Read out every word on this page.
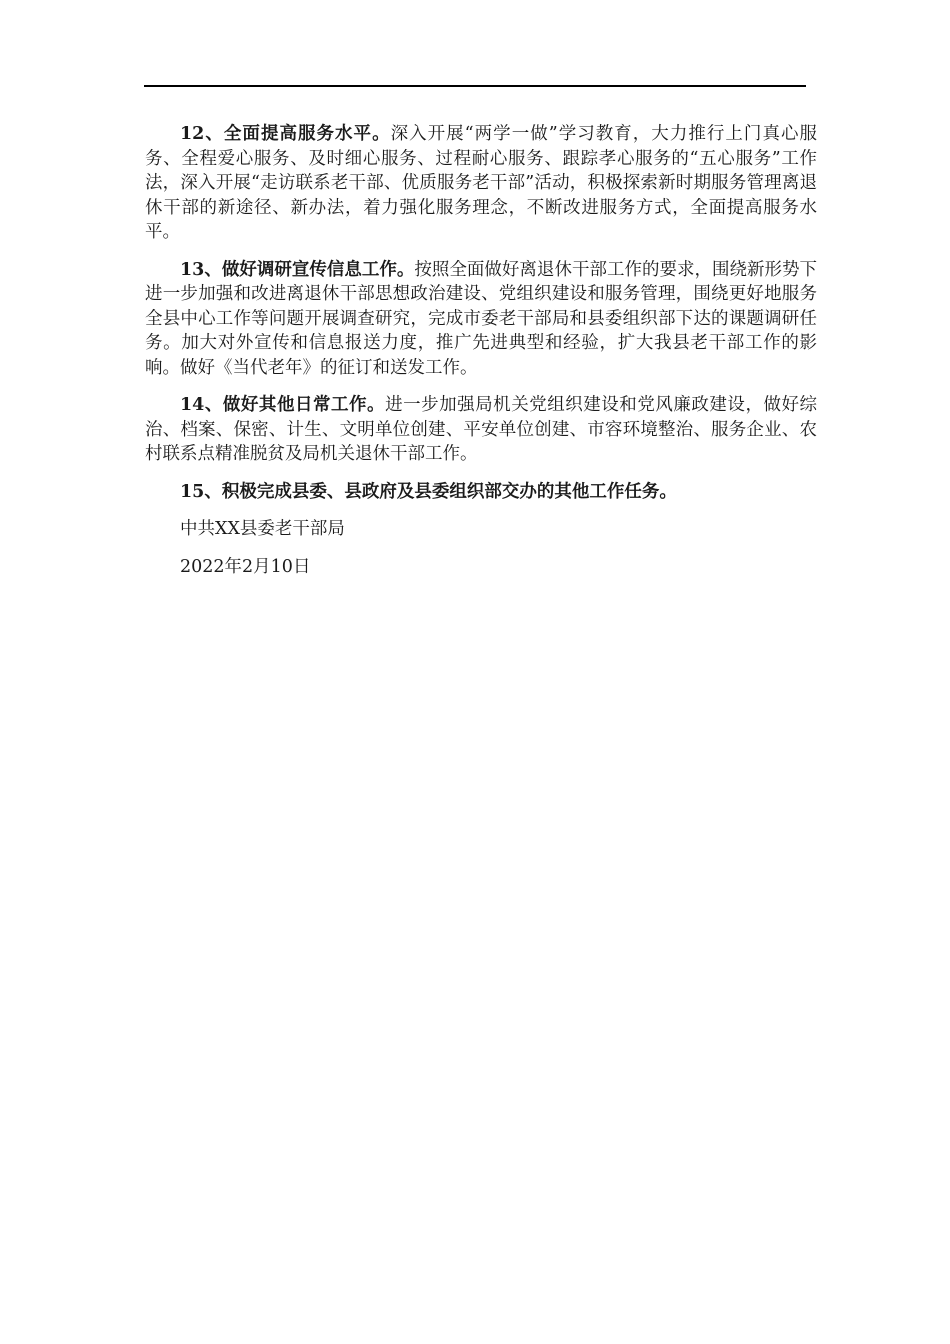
12、全面提高服务水平。深入开展“两学一做”学习教育，大力推行上门真心服务、全程爱心服务、及时细心服务、过程耐心服务、跟踪孝心服务的“五心服务”工作法，深入开展“走访联系老干部、优质服务老干部”活动，积极探索新时期服务管理离退休干部的新途径、新办法，着力强化服务理念，不断改进服务方式，全面提高服务水平。

13、做好调研宣传信息工作。按照全面做好离退休干部工作的要求，围绕新形势下进一步加强和改进离退休干部思想政治建设、党组织建设和服务管理，围绕更好地服务全县中心工作等问题开展调查研究，完成市委老干部局和县委组织部下达的课题调研任务。加大对外宣传和信息报送力度，推广先进典型和经验，扩大我县老干部工作的影响。做好《当代老年》的征订和送发工作。

14、做好其他日常工作。进一步加强局机关党组织建设和党风廉政建设，做好综治、档案、保密、计生、文明单位创建、平安单位创建、市容环境整治、服务企业、农村联系点精准脱贫及局机关退休干部工作。

15、积极完成县委、县政府及县委组织部交办的其他工作任务。

中共XX县委老干部局

2022年2月10日
